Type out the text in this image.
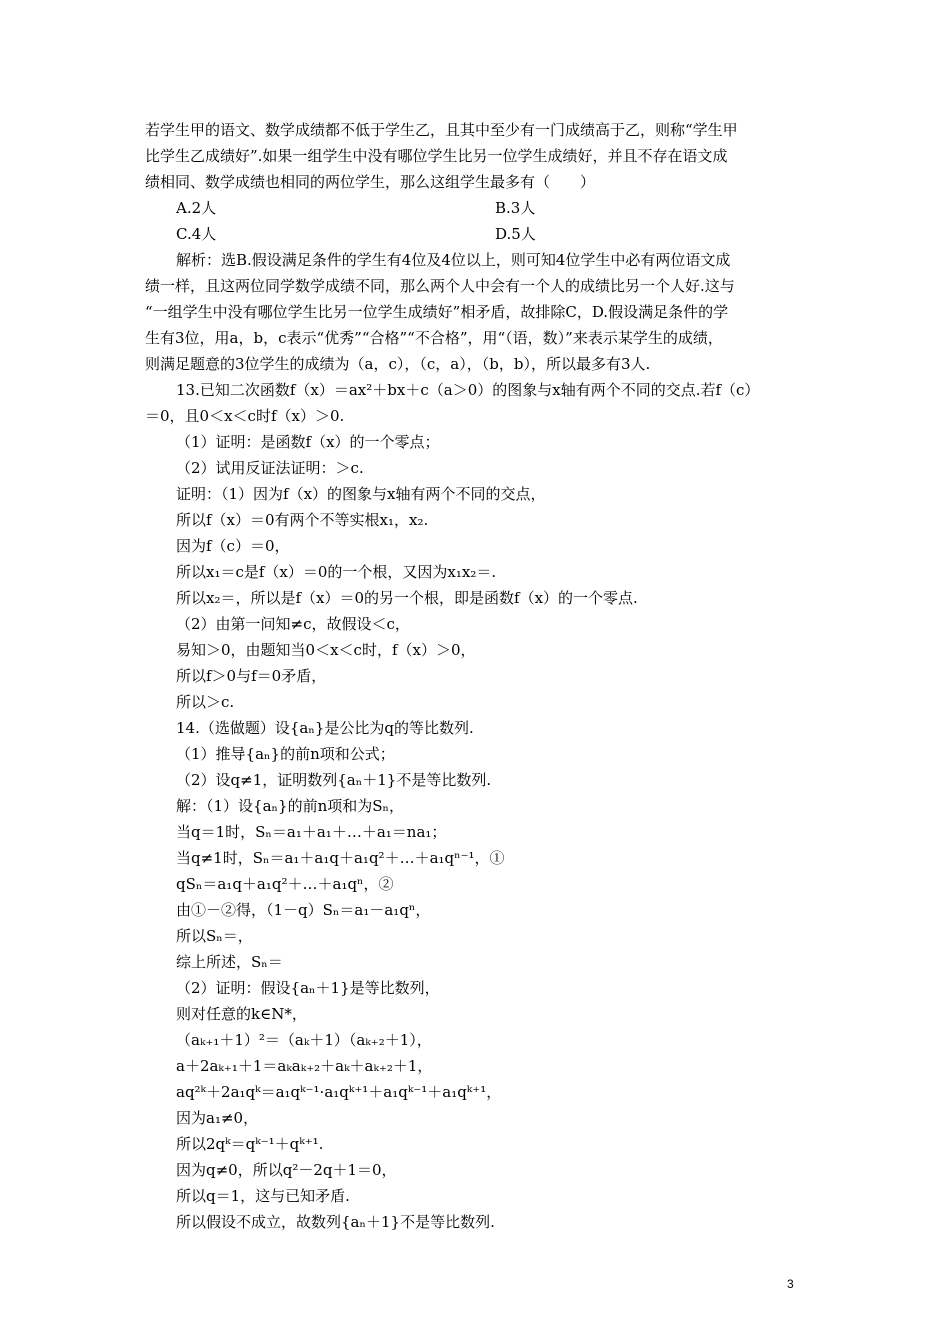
若学生甲的语文、数学成绩都不低于学生乙，且其中至少有一门成绩高于乙，则称“学生甲
比学生乙成绩好”.如果一组学生中没有哪位学生比另一位学生成绩好，并且不存在语文成
绩相同、数学成绩也相同的两位学生，那么这组学生最多有（　　）
A.2人	B.3人
C.4人	D.5人
解析：选B.假设满足条件的学生有4位及4位以上，则可知4位学生中必有两位语文成
绩一样，且这两位同学数学成绩不同，那么两个人中会有一个人的成绩比另一个人好.这与
“一组学生中没有哪位学生比另一位学生成绩好”相矛盾，故排除C，D.假设满足条件的学
生有3位，用a，b，c表示“优秀”“合格”“不合格”，用“（语，数）”来表示某学生的成绩，
则满足题意的3位学生的成绩为（a，c），（c，a），（b，b），所以最多有3人.
13.已知二次函数f（x）＝ax²＋bx＋c（a＞0）的图象与x轴有两个不同的交点.若f（c）
＝0，且0＜x＜c时f（x）＞0.
（1）证明：是函数f（x）的一个零点；
（2）试用反证法证明：＞c.
证明：（1）因为f（x）的图象与x轴有两个不同的交点，
所以f（x）＝0有两个不等实根x₁，x₂.
因为f（c）＝0，
所以x₁＝c是f（x）＝0的一个根，又因为x₁x₂＝.
所以x₂＝，所以是f（x）＝0的另一个根，即是函数f（x）的一个零点.
（2）由第一问知≠c，故假设＜c，
易知＞0，由题知当0＜x＜c时，f（x）＞0，
所以f＞0与f＝0矛盾，
所以＞c.
14.（选做题）设{aₙ}是公比为q的等比数列.
（1）推导{aₙ}的前n项和公式；
（2）设q≠1，证明数列{aₙ＋1}不是等比数列.
解：（1）设{aₙ}的前n项和为Sₙ，
当q＝1时，Sₙ＝a₁＋a₁＋…＋a₁＝na₁；
当q≠1时，Sₙ＝a₁＋a₁q＋a₁q²＋…＋a₁qⁿ⁻¹，①
qSₙ＝a₁q＋a₁q²＋…＋a₁qⁿ，②
由①－②得，（1－q）Sₙ＝a₁－a₁qⁿ，
所以Sₙ＝，
综上所述，Sₙ＝
（2）证明：假设{aₙ＋1}是等比数列，
则对任意的k∈N*，
（aₖ₊₁＋1）²＝（aₖ＋1）（aₖ₊₂＋1），
a＋2aₖ₊₁＋1＝aₖaₖ₊₂＋aₖ＋aₖ₊₂＋1，
aq²ᵏ＋2a₁qᵏ＝a₁qᵏ⁻¹·a₁qᵏ⁺¹＋a₁qᵏ⁻¹＋a₁qᵏ⁺¹，
因为a₁≠0，
所以2qᵏ＝qᵏ⁻¹＋qᵏ⁺¹.
因为q≠0，所以q²－2q＋1＝0，
所以q＝1，这与已知矛盾.
所以假设不成立，故数列{aₙ＋1}不是等比数列.
3
